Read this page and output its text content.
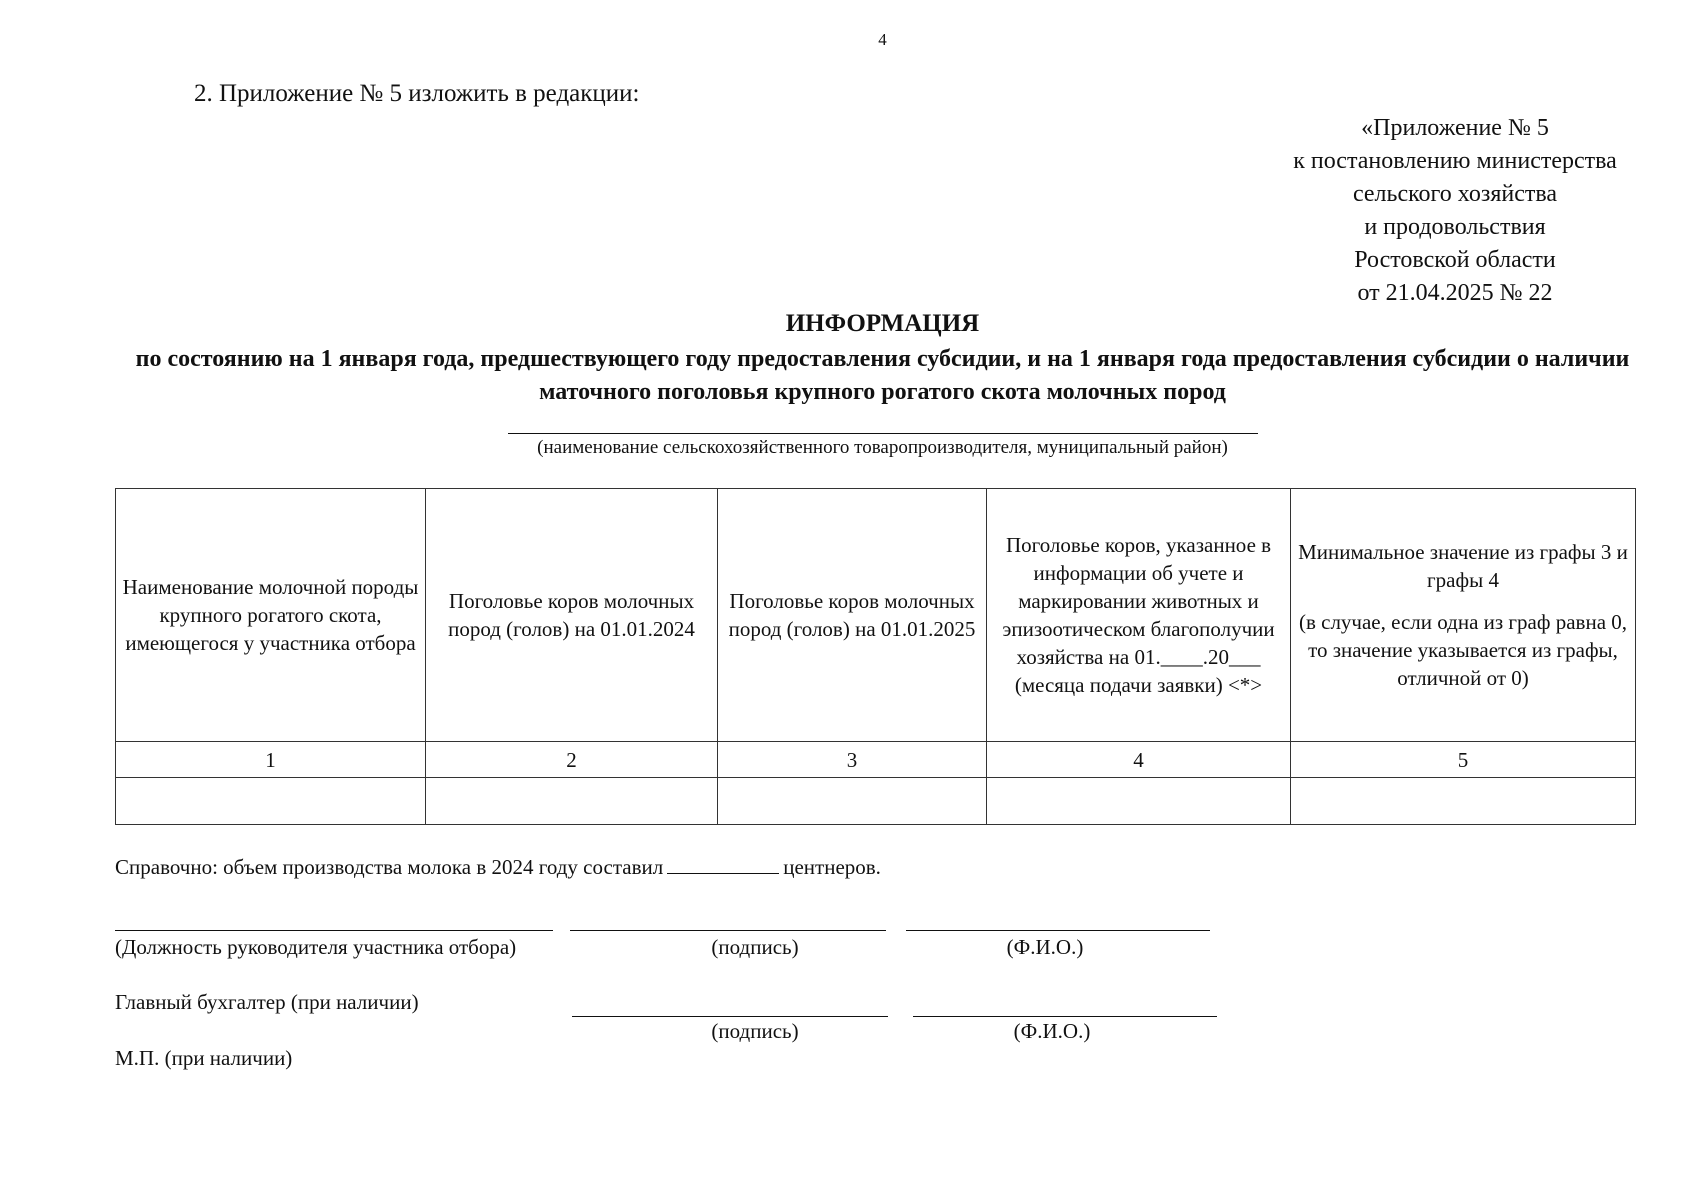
4
2. Приложение № 5 изложить в редакции:
«Приложение № 5
к постановлению министерства
сельского хозяйства
и продовольствия
Ростовской области
от 21.04.2025 № 22
ИНФОРМАЦИЯ
по состоянию на 1 января года, предшествующего году предоставления субсидии, и на 1 января года предоставления субсидии о наличии маточного поголовья крупного рогатого скота молочных пород
(наименование сельскохозяйственного товаропроизводителя, муниципальный район)
Наименование молочной породы крупного рогатого скота, имеющегося у участника отбора	Поголовье коров молочных пород (голов) на 01.01.2024	Поголовье коров молочных пород (голов) на 01.01.2025	Поголовье коров, указанное в информации об учете и маркировании животных и эпизоотическом благополучии хозяйства на 01.____.20___ (месяца подачи заявки) <*>	Минимальное значение из графы 3 и графы 4
(в случае, если одна из граф равна 0, то значение указывается из графы, отличной от 0)

1	2	3	4	5

Справочно: объем производства молока в 2024 году составил	центнеров.
(Должность руководителя участника отбора)	(подпись)	(Ф.И.О.)
Главный бухгалтер (при наличии)
(подпись)	(Ф.И.О.)
М.П. (при наличии)
